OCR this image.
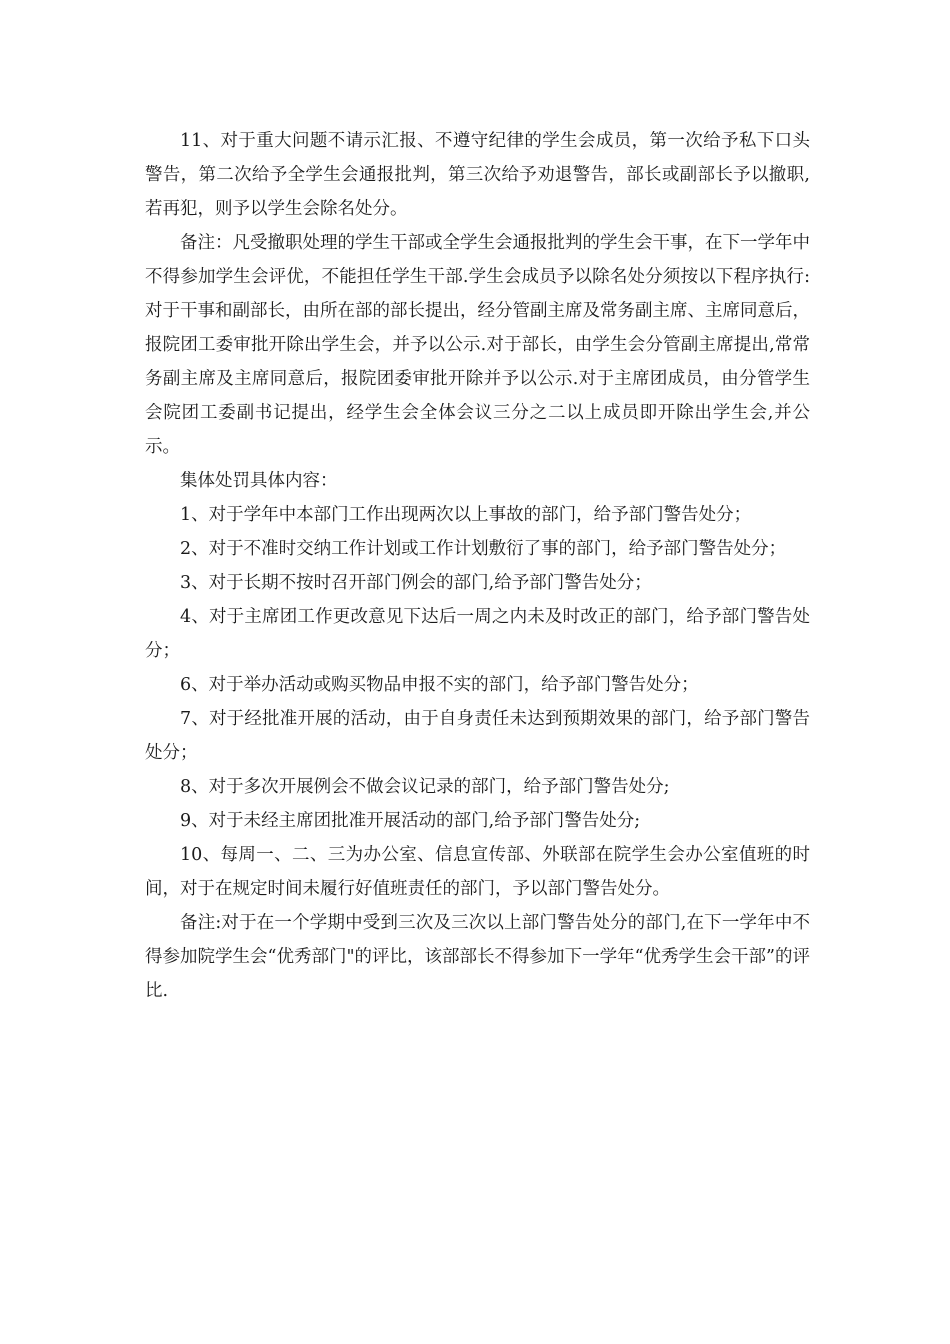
11、对于重大问题不请示汇报、不遵守纪律的学生会成员，第一次给予私下口头警告，第二次给予全学生会通报批判，第三次给予劝退警告，部长或副部长予以撤职,若再犯，则予以学生会除名处分。

备注：凡受撤职处理的学生干部或全学生会通报批判的学生会干事，在下一学年中不得参加学生会评优，不能担任学生干部.学生会成员予以除名处分须按以下程序执行:对于干事和副部长，由所在部的部长提出，经分管副主席及常务副主席、主席同意后，报院团工委审批开除出学生会，并予以公示.对于部长，由学生会分管副主席提出,常常务副主席及主席同意后，报院团委审批开除并予以公示.对于主席团成员，由分管学生会院团工委副书记提出，经学生会全体会议三分之二以上成员即开除出学生会,并公示。

集体处罚具体内容：

1、对于学年中本部门工作出现两次以上事故的部门，给予部门警告处分；

2、对于不准时交纳工作计划或工作计划敷衍了事的部门，给予部门警告处分；

3、对于长期不按时召开部门例会的部门,给予部门警告处分；

4、对于主席团工作更改意见下达后一周之内未及时改正的部门，给予部门警告处分；

6、对于举办活动或购买物品申报不实的部门，给予部门警告处分；

7、对于经批准开展的活动，由于自身责任未达到预期效果的部门，给予部门警告处分；

8、对于多次开展例会不做会议记录的部门，给予部门警告处分;

9、对于未经主席团批准开展活动的部门,给予部门警告处分;

10、每周一、二、三为办公室、信息宣传部、外联部在院学生会办公室值班的时间，对于在规定时间未履行好值班责任的部门，予以部门警告处分。

备注:对于在一个学期中受到三次及三次以上部门警告处分的部门,在下一学年中不得参加院学生会“优秀部门"的评比，该部部长不得参加下一学年“优秀学生会干部”的评比.
